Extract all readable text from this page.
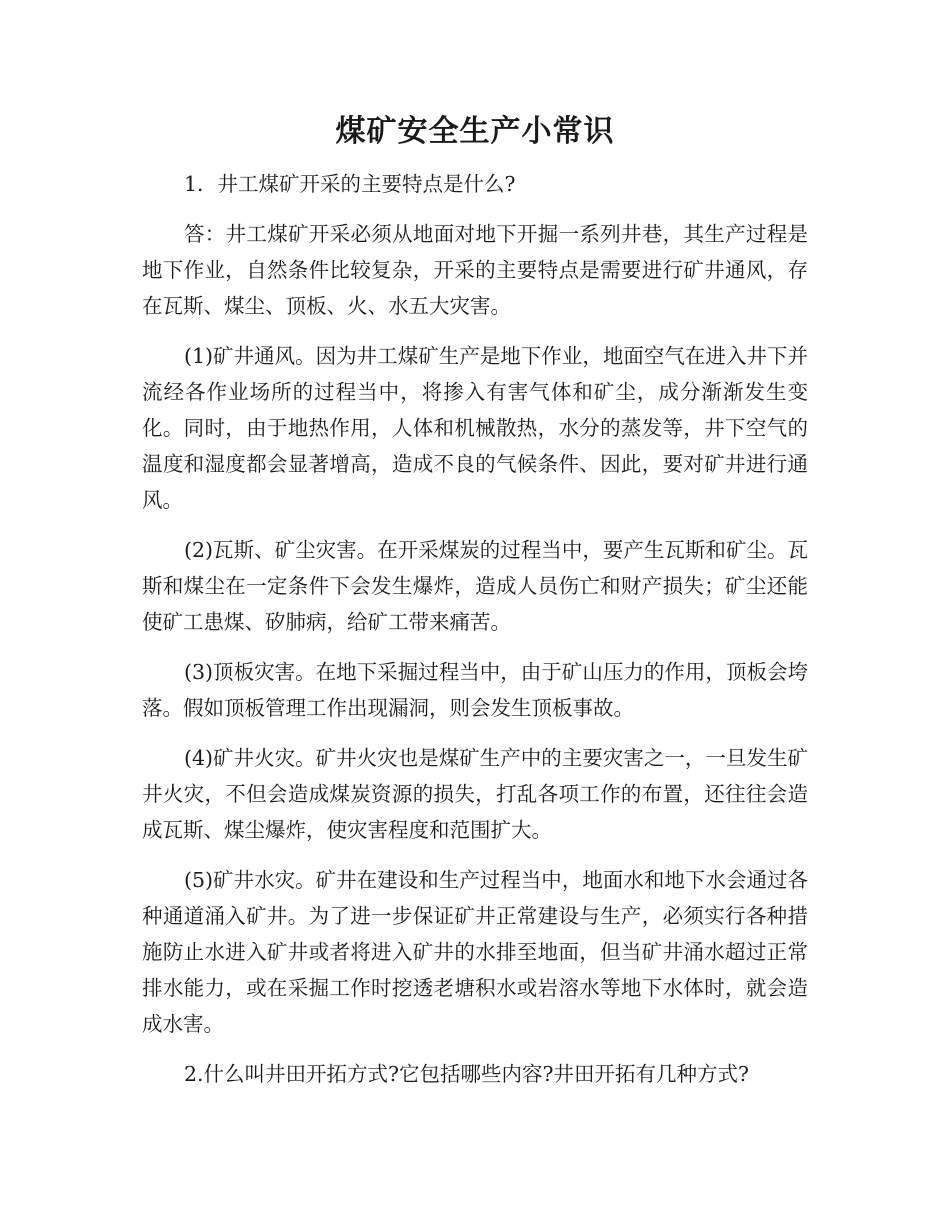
煤矿安全生产小常识

1．井工煤矿开采的主要特点是什么?

答：井工煤矿开采必须从地面对地下开掘一系列井巷，其生产过程是地下作业，自然条件比较复杂，开采的主要特点是需要进行矿井通风，存在瓦斯、煤尘、顶板、火、水五大灾害。

(1)矿井通风。因为井工煤矿生产是地下作业，地面空气在进入井下并流经各作业场所的过程当中，将掺入有害气体和矿尘，成分渐渐发生变化。同时，由于地热作用，人体和机械散热，水分的蒸发等，井下空气的温度和湿度都会显著增高，造成不良的气候条件、因此，要对矿井进行通风。

(2)瓦斯、矿尘灾害。在开采煤炭的过程当中，要产生瓦斯和矿尘。瓦斯和煤尘在一定条件下会发生爆炸，造成人员伤亡和财产损失；矿尘还能使矿工患煤、矽肺病，给矿工带来痛苦。

(3)顶板灾害。在地下采掘过程当中，由于矿山压力的作用，顶板会垮落。假如顶板管理工作出现漏洞，则会发生顶板事故。

(4)矿井火灾。矿井火灾也是煤矿生产中的主要灾害之一，一旦发生矿井火灾，不但会造成煤炭资源的损失，打乱各项工作的布置，还往往会造成瓦斯、煤尘爆炸，使灾害程度和范围扩大。

(5)矿井水灾。矿井在建设和生产过程当中，地面水和地下水会通过各种通道涌入矿井。为了进一步保证矿井正常建设与生产，必须实行各种措施防止水进入矿井或者将进入矿井的水排至地面，但当矿井涌水超过正常排水能力，或在采掘工作时挖透老塘积水或岩溶水等地下水体时，就会造成水害。

2.什么叫井田开拓方式?它包括哪些内容?井田开拓有几种方式?
